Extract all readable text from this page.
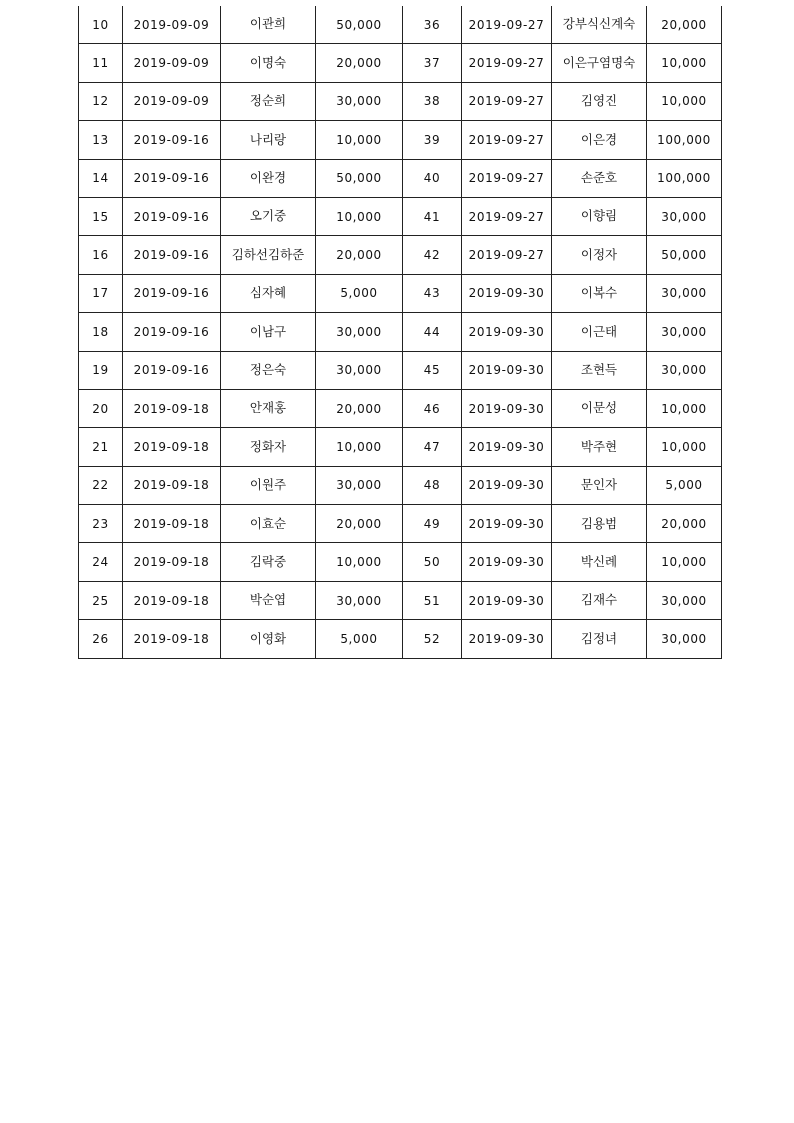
10	2019-09-09	이관희	50,000	36	2019-09-27	강부식신계숙	20,000
11	2019-09-09	이명숙	20,000	37	2019-09-27	이은구염명숙	10,000
12	2019-09-09	정순희	30,000	38	2019-09-27	김영진	10,000
13	2019-09-16	나리랑	10,000	39	2019-09-27	이은경	100,000
14	2019-09-16	이완경	50,000	40	2019-09-27	손준호	100,000
15	2019-09-16	오기중	10,000	41	2019-09-27	이향림	30,000
16	2019-09-16	김하선김하준	20,000	42	2019-09-27	이정자	50,000
17	2019-09-16	심자혜	5,000	43	2019-09-30	이복수	30,000
18	2019-09-16	이남구	30,000	44	2019-09-30	이근태	30,000
19	2019-09-16	정은숙	30,000	45	2019-09-30	조현득	30,000
20	2019-09-18	안재홍	20,000	46	2019-09-30	이문성	10,000
21	2019-09-18	정화자	10,000	47	2019-09-30	박주현	10,000
22	2019-09-18	이원주	30,000	48	2019-09-30	문인자	5,000
23	2019-09-18	이효순	20,000	49	2019-09-30	김용범	20,000
24	2019-09-18	김락중	10,000	50	2019-09-30	박신례	10,000
25	2019-09-18	박순엽	30,000	51	2019-09-30	김재수	30,000
26	2019-09-18	이영화	5,000	52	2019-09-30	김정녀	30,000
